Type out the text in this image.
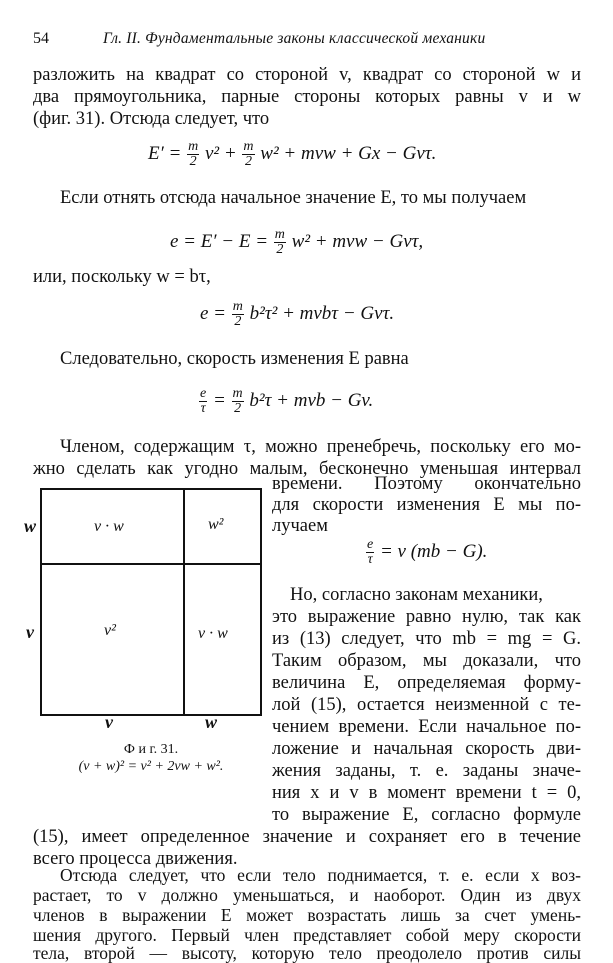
54	Гл. II. Фундаментальные законы классической механики
разложить на квадрат со стороной v, квадрат со стороной w и
два прямоугольника, парные стороны которых равны v и w
(фиг. 31). Отсюда следует, что
$E' = \frac{m}{2} v^2 + \frac{m}{2} w^2$ + mvw + Gx − Gvτ.
Если отнять отсюда начальное значение E, то мы получаем
$e = E' - E = \frac{m}{2} w^2$ + mvw − Gvτ,
или, поскольку w = bτ,
$e = \frac{m}{2} b^2\tau^2 + mvb\tau - Gv\tau$.
Следовательно, скорость изменения E равна
$\frac{e}{\tau} = \frac{m}{2} b^2\tau$ + mvb − Gv.
Членом, содержащим τ, можно пренебречь, поскольку его мо-
жно сделать как угодно малым, бесконечно уменьшая интервал
времени. Поэтому окончательно
для скорости изменения E мы по-
лучаем
$\frac{e}{\tau} = v$ (mb − G).
v · w	w²
v²	v · w
w
v
v	w
Ф и г. 31.
(v + w)² = v² + 2vw + w².
Но, согласно законам механики,
это выражение равно нулю, так как
из (13) следует, что mb = mg = G.
Таким образом, мы доказали, что
величина E, определяемая форму-
лой (15), остается неизменной с те-
чением времени. Если начальное по-
ложение и начальная скорость дви-
жения заданы, т. е. заданы значе-
ния x и v в момент времени t = 0,
то выражение E, согласно формуле
(15), имеет определенное значение и сохраняет его в течение
всего процесса движения.
Отсюда следует, что если тело поднимается, т. е. если x воз-
растает, то v должно уменьшаться, и наоборот. Один из двух
членов в выражении E может возрастать лишь за счет умень-
шения другого. Первый член представляет собой меру скорости
тела, второй — высоту, которую тело преодолело против силы
